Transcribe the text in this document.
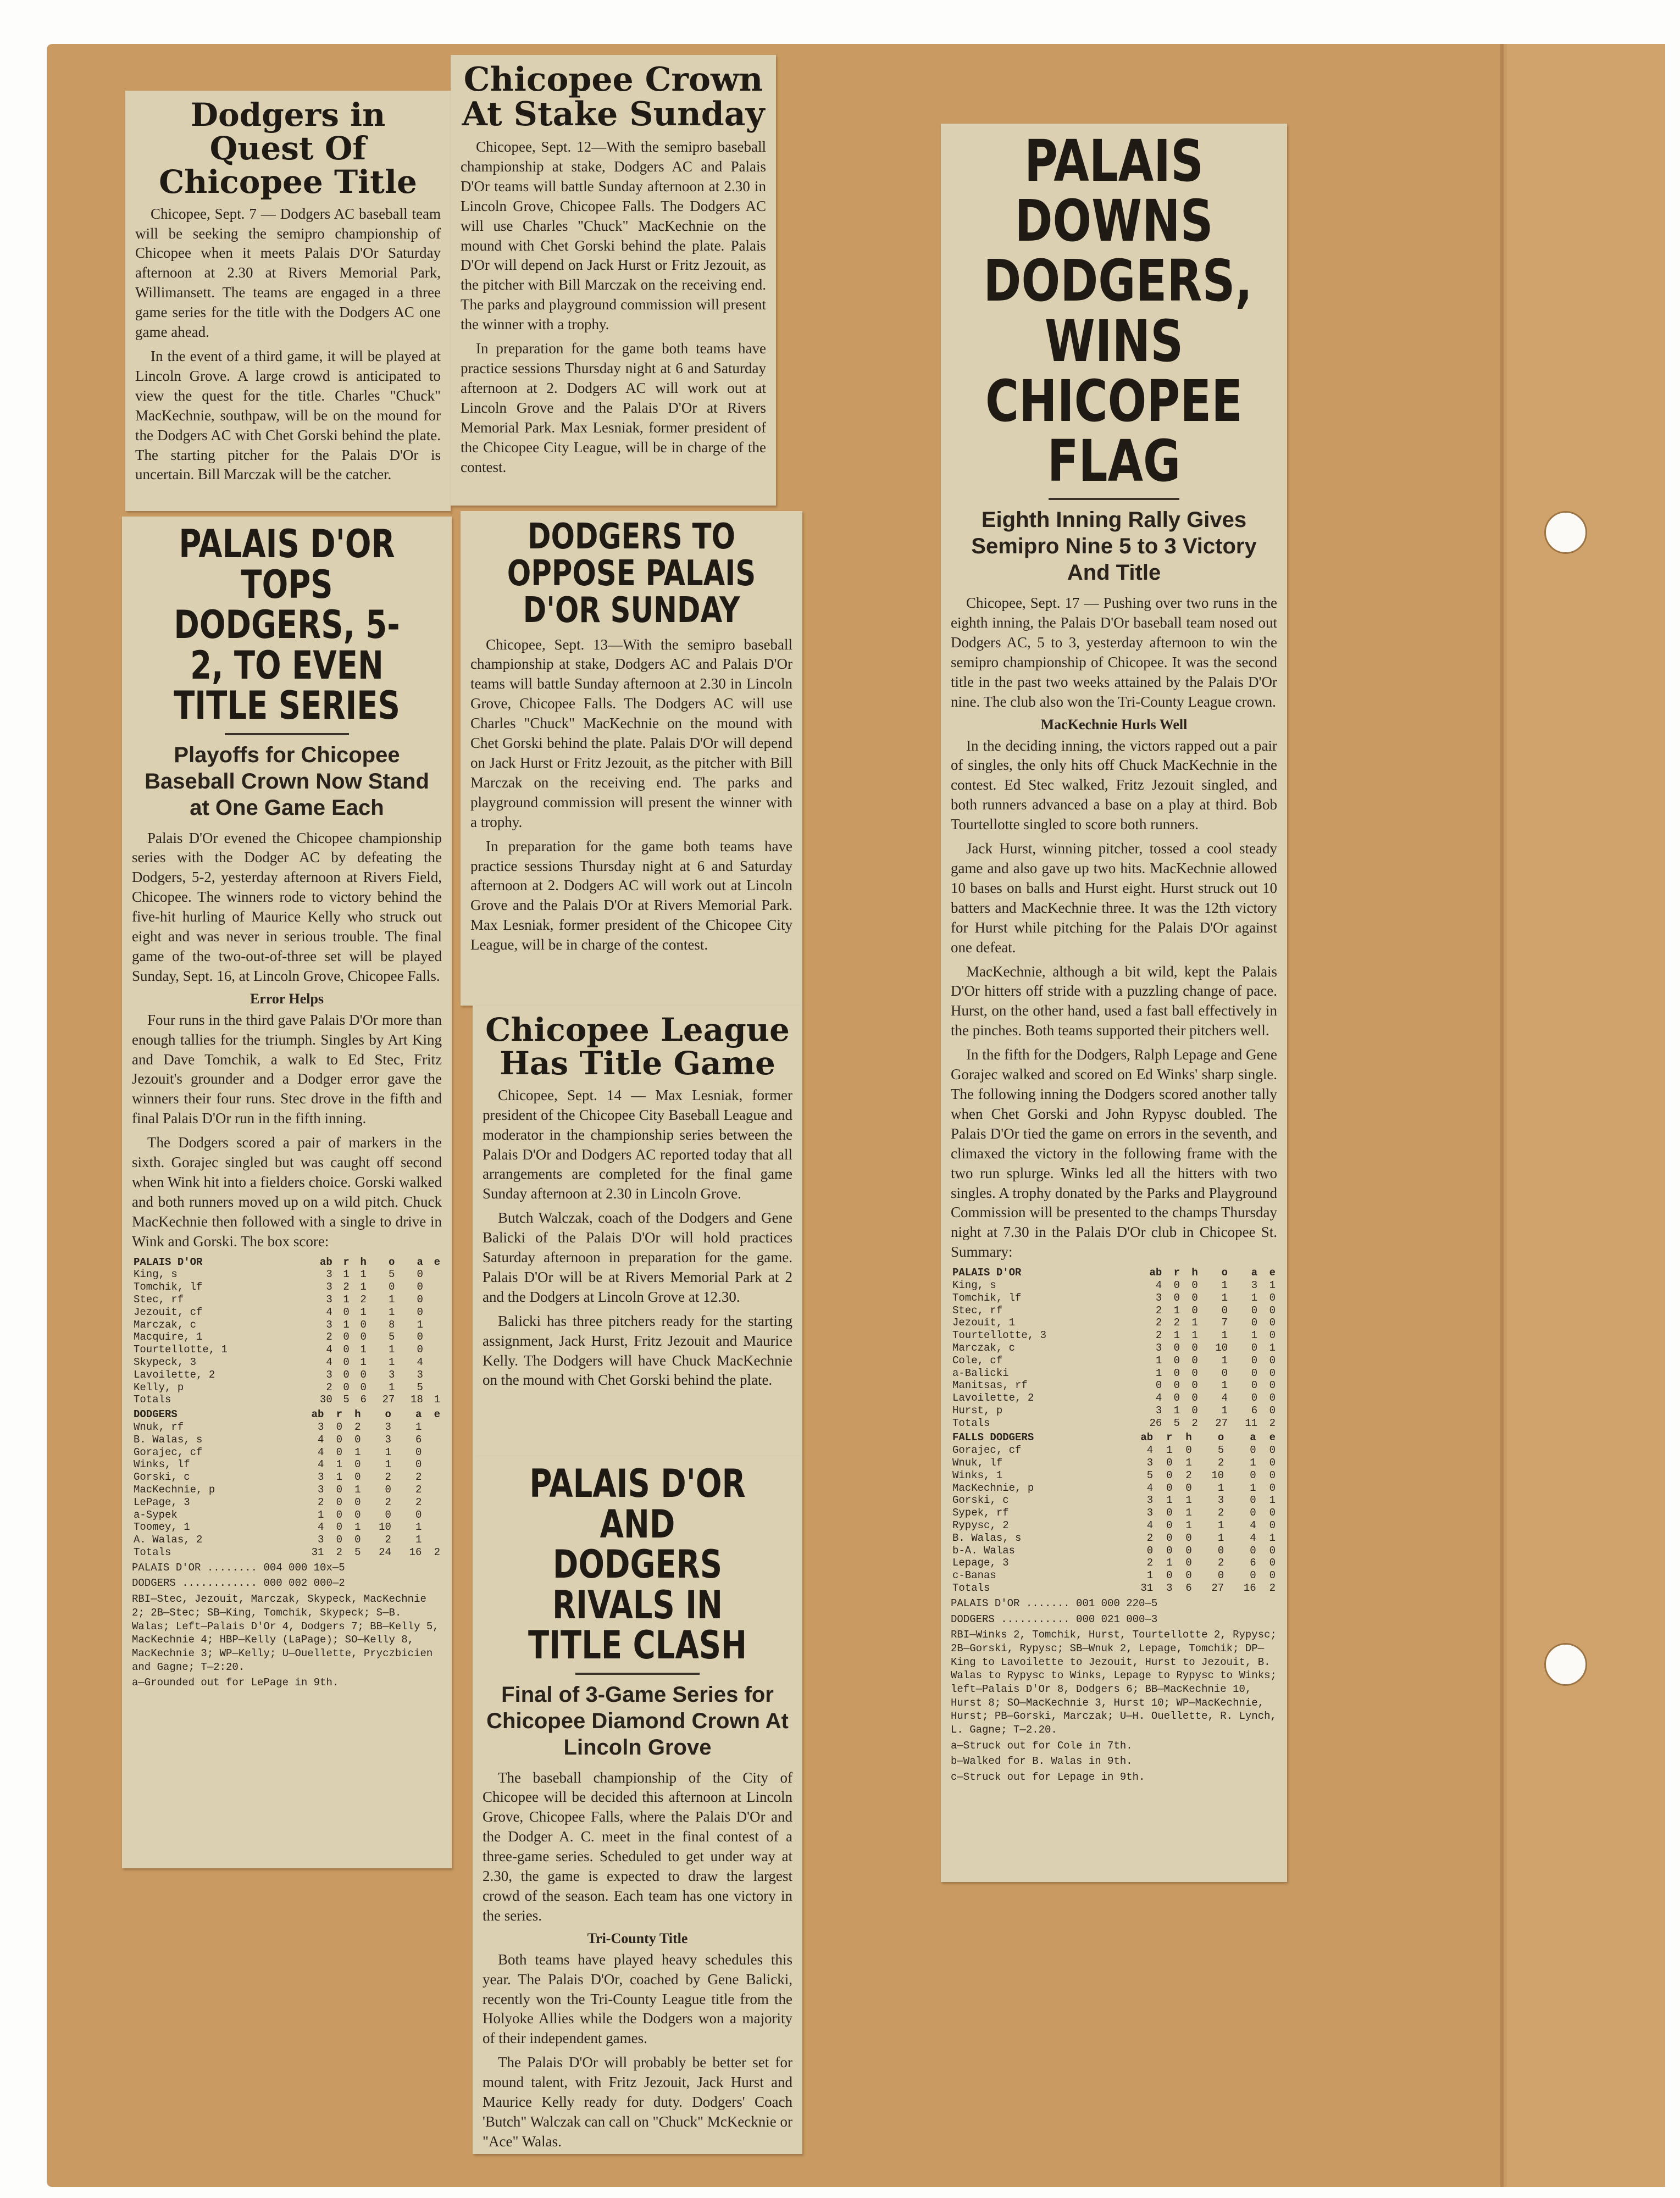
Dodgers in Quest Of Chicopee Title

Chicopee, Sept. 7 — Dodgers AC baseball team will be seeking the semipro championship of Chicopee when it meets Palais D'Or Saturday afternoon at 2.30 at Rivers Memorial Park, Willimansett. The teams are engaged in a three game series for the title with the Dodgers AC one game ahead.

In the event of a third game, it will be played at Lincoln Grove. A large crowd is anticipated to view the quest for the title. Charles "Chuck" MacKechnie, southpaw, will be on the mound for the Dodgers AC with Chet Gorski behind the plate. The starting pitcher for the Palais D'Or is uncertain. Bill Marczak will be the catcher.

Chicopee Crown At Stake Sunday

Chicopee, Sept. 12—With the semipro baseball championship at stake, Dodgers AC and Palais D'Or teams will battle Sunday afternoon at 2.30 in Lincoln Grove, Chicopee Falls. The Dodgers AC will use Charles "Chuck" MacKechnie on the mound with Chet Gorski behind the plate. Palais D'Or will depend on Jack Hurst or Fritz Jezouit, as the pitcher with Bill Marczak on the receiving end. The parks and playground commission will present the winner with a trophy.

In preparation for the game both teams have practice sessions Thursday night at 6 and Saturday afternoon at 2. Dodgers AC will work out at Lincoln Grove and the Palais D'Or at Rivers Memorial Park. Max Lesniak, former president of the Chicopee City League, will be in charge of the contest.

PALAIS D'OR TOPS DODGERS, 5-2, TO EVEN TITLE SERIES
Playoffs for Chicopee Baseball Crown Now Stand at One Game Each

Palais D'Or evened the Chicopee championship series with the Dodger AC by defeating the Dodgers, 5-2, yesterday afternoon at Rivers Field, Chicopee. The winners rode to victory behind the five-hit hurling of Maurice Kelly who struck out eight and was never in serious trouble. The final game of the two-out-of-three set will be played Sunday, Sept. 16, at Lincoln Grove, Chicopee Falls.

Error Helps

Four runs in the third gave Palais D'Or more than enough tallies for the triumph. Singles by Art King and Dave Tomchik, a walk to Ed Stec, Fritz Jezouit's grounder and a Dodger error gave the winners their four runs. Stec drove in the fifth and final Palais D'Or run in the fifth inning.

The Dodgers scored a pair of markers in the sixth. Gorajec singled but was caught off second when Wink hit into a fielders choice. Gorski walked and both runners moved up on a wild pitch. Chuck MacKechnie then followed with a single to drive in Wink and Gorski. The box score:

PALAIS D'OR	ab	r	h	o	a	e
King, s	3	1	1	5	0	
Tomchik, lf	3	2	1	0	0	
Stec, rf	3	1	2	1	0	
Jezouit, cf	4	0	1	1	0	
Marczak, c	3	1	0	8	1	
Macquire, 1	2	0	0	5	0	
Tourtellotte, 1	4	0	1	1	0	
Skypeck, 3	4	0	1	1	4	
Lavoilette, 2	3	0	0	3	3	
Kelly, p	2	0	0	1	5	
Totals	30	5	6	27	18	1
DODGERS	ab	r	h	o	a	e
Wnuk, rf	3	0	2	3	1	
B. Walas, s	4	0	0	3	6	
Gorajec, cf	4	0	1	1	0	
Winks, lf	4	1	0	1	0	
Gorski, c	3	1	0	2	2	
MacKechnie, p	3	0	1	0	2	
LePage, 3	2	0	0	2	2	
a-Sypek	1	0	0	0	0	
Toomey, 1	4	0	1	10	1	
A. Walas, 2	3	0	0	2	1	
Totals	31	2	5	24	16	2
PALAIS D'OR ........ 004 000 10x—5
DODGERS ............ 000 002 000—2
RBI—Stec, Jezouit, Marczak, Skypeck, MacKechnie 2; 2B—Stec; SB—King, Tomchik, Skypeck; S—B. Walas; Left—Palais D'Or 4, Dodgers 7; BB—Kelly 5, MacKechnie 4; HBP—Kelly (LaPage); SO—Kelly 8, MacKechnie 3; WP—Kelly; U—Ouellette, Pryczbicien and Gagne; T—2:20.
a—Grounded out for LePage in 9th.
DODGERS TO OPPOSE PALAIS D'OR SUNDAY

Chicopee, Sept. 13—With the semipro baseball championship at stake, Dodgers AC and Palais D'Or teams will battle Sunday afternoon at 2.30 in Lincoln Grove, Chicopee Falls. The Dodgers AC will use Charles "Chuck" MacKechnie on the mound with Chet Gorski behind the plate. Palais D'Or will depend on Jack Hurst or Fritz Jezouit, as the pitcher with Bill Marczak on the receiving end. The parks and playground commission will present the winner with a trophy.

In preparation for the game both teams have practice sessions Thursday night at 6 and Saturday afternoon at 2. Dodgers AC will work out at Lincoln Grove and the Palais D'Or at Rivers Memorial Park. Max Lesniak, former president of the Chicopee City League, will be in charge of the contest.

Chicopee League Has Title Game

Chicopee, Sept. 14 — Max Lesniak, former president of the Chicopee City Baseball League and moderator in the championship series between the Palais D'Or and Dodgers AC reported today that all arrangements are completed for the final game Sunday afternoon at 2.30 in Lincoln Grove.

Butch Walczak, coach of the Dodgers and Gene Balicki of the Palais D'Or will hold practices Saturday afternoon in preparation for the game. Palais D'Or will be at Rivers Memorial Park at 2 and the Dodgers at Lincoln Grove at 12.30.

Balicki has three pitchers ready for the starting assignment, Jack Hurst, Fritz Jezouit and Maurice Kelly. The Dodgers will have Chuck MacKechnie on the mound with Chet Gorski behind the plate.

PALAIS D'OR AND DODGERS RIVALS IN TITLE CLASH
Final of 3-Game Series for Chicopee Diamond Crown At Lincoln Grove

The baseball championship of the City of Chicopee will be decided this afternoon at Lincoln Grove, Chicopee Falls, where the Palais D'Or and the Dodger A. C. meet in the final contest of a three-game series. Scheduled to get under way at 2.30, the game is expected to draw the largest crowd of the season. Each team has one victory in the series.

Tri-County Title

Both teams have played heavy schedules this year. The Palais D'Or, coached by Gene Balicki, recently won the Tri-County League title from the Holyoke Allies while the Dodgers won a majority of their independent games.

The Palais D'Or will probably be better set for mound talent, with Fritz Jezouit, Jack Hurst and Maurice Kelly ready for duty. Dodgers' Coach 'Butch" Walczak can call on "Chuck" McKecknie or "Ace" Walas.

PALAIS DOWNS DODGERS, WINS CHICOPEE FLAG
Eighth Inning Rally Gives Semipro Nine 5 to 3 Victory And Title

Chicopee, Sept. 17 — Pushing over two runs in the eighth inning, the Palais D'Or baseball team nosed out Dodgers AC, 5 to 3, yesterday afternoon to win the semipro championship of Chicopee. It was the second title in the past two weeks attained by the Palais D'Or nine. The club also won the Tri-County League crown.

MacKechnie Hurls Well

In the deciding inning, the victors rapped out a pair of singles, the only hits off Chuck MacKechnie in the contest. Ed Stec walked, Fritz Jezouit singled, and both runners advanced a base on a play at third. Bob Tourtellotte singled to score both runners.

Jack Hurst, winning pitcher, tossed a cool steady game and also gave up two hits. MacKechnie allowed 10 bases on balls and Hurst eight. Hurst struck out 10 batters and MacKechnie three. It was the 12th victory for Hurst while pitching for the Palais D'Or against one defeat.

MacKechnie, although a bit wild, kept the Palais D'Or hitters off stride with a puzzling change of pace. Hurst, on the other hand, used a fast ball effectively in the pinches. Both teams supported their pitchers well.

In the fifth for the Dodgers, Ralph Lepage and Gene Gorajec walked and scored on Ed Winks' sharp single. The following inning the Dodgers scored another tally when Chet Gorski and John Rypysc doubled. The Palais D'Or tied the game on errors in the seventh, and climaxed the victory in the following frame with the two run splurge. Winks led all the hitters with two singles. A trophy donated by the Parks and Playground Commission will be presented to the champs Thursday night at 7.30 in the Palais D'Or club in Chicopee St. Summary:

PALAIS D'OR	ab	r	h	o	a	e
King, s	4	0	0	1	3	1
Tomchik, lf	3	0	0	1	1	0
Stec, rf	2	1	0	0	0	0
Jezouit, 1	2	2	1	7	0	0
Tourtellotte, 3	2	1	1	1	1	0
Marczak, c	3	0	0	10	0	1
Cole, cf	1	0	0	1	0	0
a-Balicki	1	0	0	0	0	0
Manitsas, rf	0	0	0	1	0	0
Lavoilette, 2	4	0	0	4	0	0
Hurst, p	3	1	0	1	6	0
Totals	26	5	2	27	11	2
FALLS DODGERS	ab	r	h	o	a	e
Gorajec, cf	4	1	0	5	0	0
Wnuk, lf	3	0	1	2	1	0
Winks, 1	5	0	2	10	0	0
MacKechnie, p	4	0	0	1	1	0
Gorski, c	3	1	1	3	0	1
Sypek, rf	3	0	1	2	0	0
Rypysc, 2	4	0	1	1	4	0
B. Walas, s	2	0	0	1	4	1
b-A. Walas	0	0	0	0	0	0
Lepage, 3	2	1	0	2	6	0
c-Banas	1	0	0	0	0	0
Totals	31	3	6	27	16	2
PALAIS D'OR ....... 001 000 220—5
DODGERS ........... 000 021 000—3
RBI—Winks 2, Tomchik, Hurst, Tourtellotte 2, Rypysc; 2B—Gorski, Rypysc; SB—Wnuk 2, Lepage, Tomchik; DP—King to Lavoilette to Jezouit, Hurst to Jezouit, B. Walas to Rypysc to Winks, Lepage to Rypysc to Winks; left—Palais D'Or 8, Dodgers 6; BB—MacKechnie 10, Hurst 8; SO—MacKechnie 3, Hurst 10; WP—MacKechnie, Hurst; PB—Gorski, Marczak; U—H. Ouellette, R. Lynch, L. Gagne; T—2.20.
a—Struck out for Cole in 7th.
b—Walked for B. Walas in 9th.
c—Struck out for Lepage in 9th.
